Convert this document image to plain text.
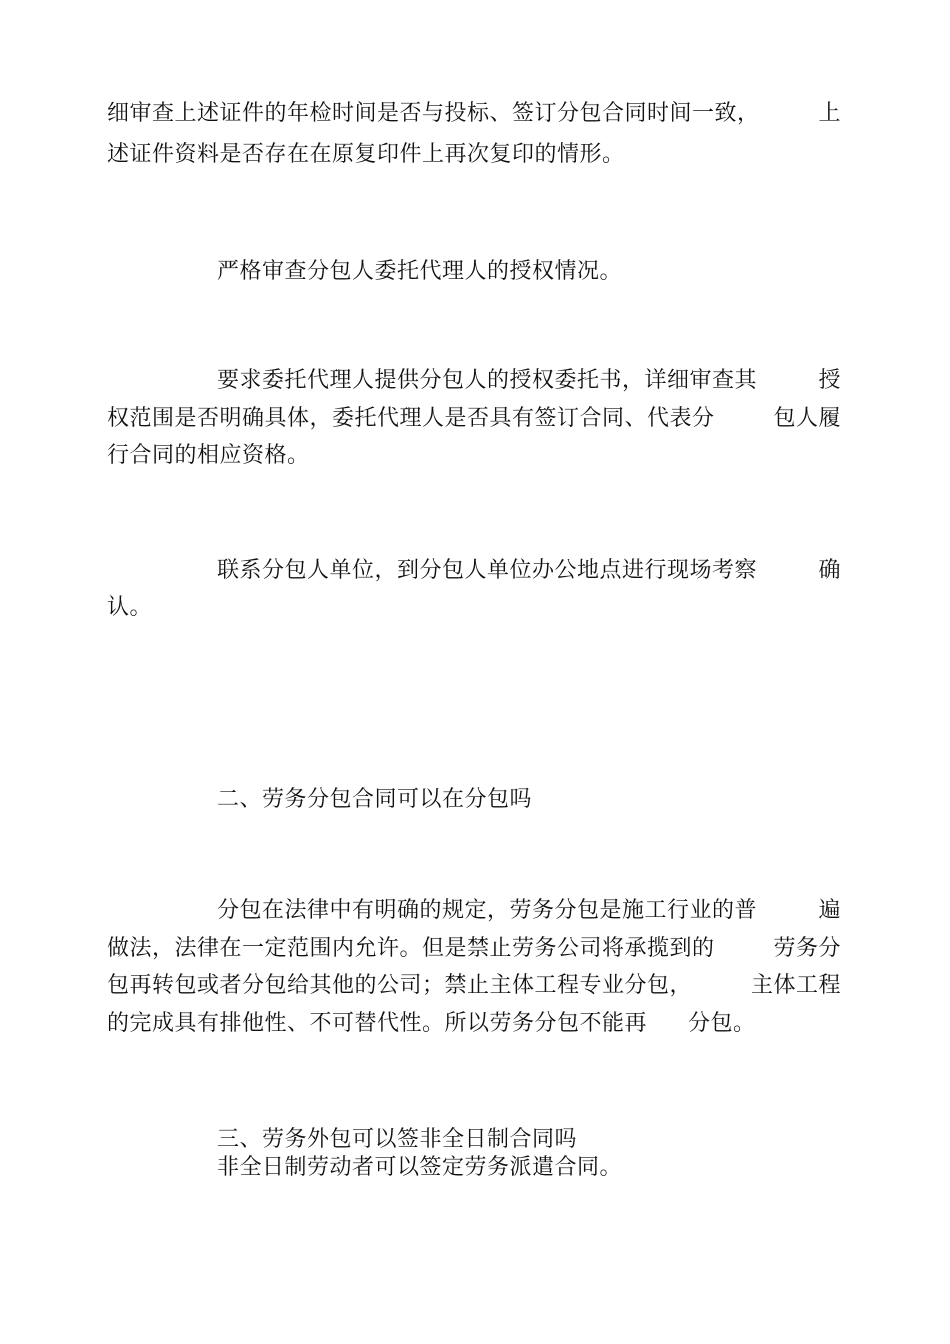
细审查上述证件的年检时间是否与投标、签订分包合同时间一致，	上
述证件资料是否存在在原复印件上再次复印的情形。
严格审查分包人委托代理人的授权情况。
要求委托代理人提供分包人的授权委托书，详细审查其	授
权范围是否明确具体，委托代理人是否具有签订合同、代表分	包人履
行合同的相应资格。
联系分包人单位，到分包人单位办公地点进行现场考察	确
认。
二、劳务分包合同可以在分包吗
分包在法律中有明确的规定，劳务分包是施工行业的普	遍
做法，法律在一定范围内允许。但是禁止劳务公司将承揽到的	劳务分
包再转包或者分包给其他的公司；禁止主体工程专业分包，	主体工程
的完成具有排他性、不可替代性。所以劳务分包不能再 分包。
三、劳务外包可以签非全日制合同吗
非全日制劳动者可以签定劳务派遣合同。
